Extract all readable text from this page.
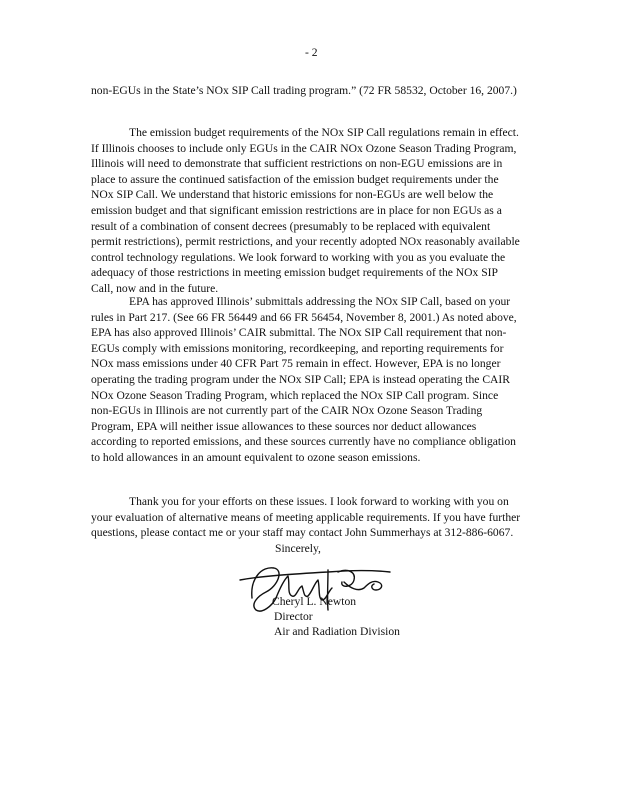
- 2

non-EGUs in the State’s NOx SIP Call trading program.” (72 FR 58532, October 16, 2007.)

The emission budget requirements of the NOx SIP Call regulations remain in effect. If Illinois chooses to include only EGUs in the CAIR NOx Ozone Season Trading Program, Illinois will need to demonstrate that sufficient restrictions on non-EGU emissions are in place to assure the continued satisfaction of the emission budget requirements under the NOx SIP Call. We understand that historic emissions for non-EGUs are well below the emission budget and that significant emission restrictions are in place for non EGUs as a result of a combination of consent decrees (presumably to be replaced with equivalent permit restrictions), permit restrictions, and your recently adopted NOx reasonably available control technology regulations. We look forward to working with you as you evaluate the adequacy of those restrictions in meeting emission budget requirements of the NOx SIP Call, now and in the future.

EPA has approved Illinois’ submittals addressing the NOx SIP Call, based on your rules in Part 217. (See 66 FR 56449 and 66 FR 56454, November 8, 2001.) As noted above, EPA has also approved Illinois’ CAIR submittal. The NOx SIP Call requirement that non-EGUs comply with emissions monitoring, recordkeeping, and reporting requirements for NOx mass emissions under 40 CFR Part 75 remain in effect. However, EPA is no longer operating the trading program under the NOx SIP Call; EPA is instead operating the CAIR NOx Ozone Season Trading Program, which replaced the NOx SIP Call program. Since non-EGUs in Illinois are not currently part of the CAIR NOx Ozone Season Trading Program, EPA will neither issue allowances to these sources nor deduct allowances according to reported emissions, and these sources currently have no compliance obligation to hold allowances in an amount equivalent to ozone season emissions.

Thank you for your efforts on these issues. I look forward to working with you on your evaluation of alternative means of meeting applicable requirements. If you have further questions, please contact me or your staff may contact John Summerhays at 312-886-6067.

Sincerely,
Cheryl L. Newton
Director
Air and Radiation Division
